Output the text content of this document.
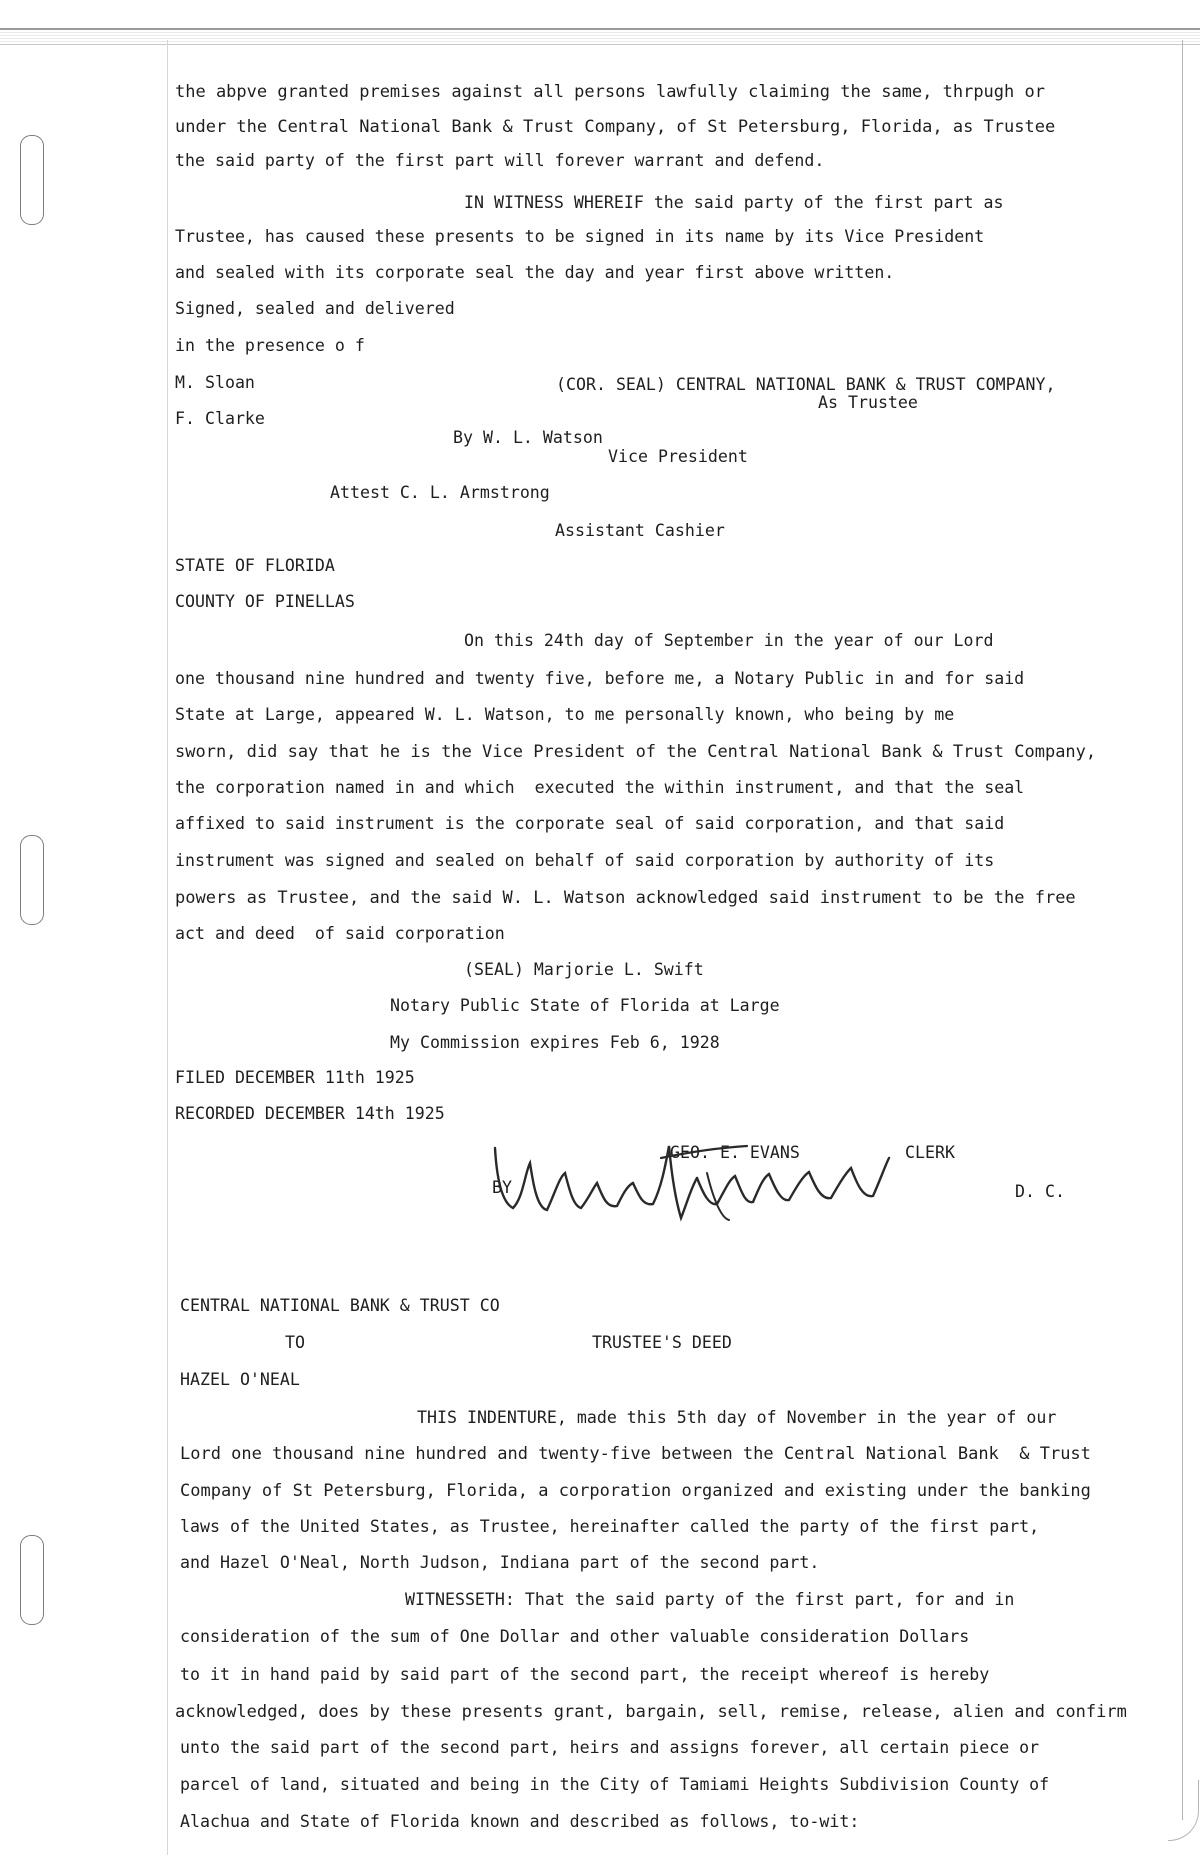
the abpve granted premises against all persons lawfully claiming the same, thrpugh or
under the Central National Bank & Trust Company, of St Petersburg, Florida, as Trustee
the said party of the first part will forever warrant and defend.
IN WITNESS WHEREIF the said party of the first part as
Trustee, has caused these presents to be signed in its name by its Vice President
and sealed with its corporate seal the day and year first above written.
Signed, sealed and delivered
in the presence o f
M. Sloan	(COR. SEAL) CENTRAL NATIONAL BANK & TRUST COMPANY,
As Trustee
F. Clarke
By W. L. Watson
Vice President
Attest C. L. Armstrong
Assistant Cashier
STATE OF FLORIDA
COUNTY OF PINELLAS
On this 24th day of September in the year of our Lord
one thousand nine hundred and twenty five, before me, a Notary Public in and for said
State at Large, appeared W. L. Watson, to me personally known, who being by me
sworn, did say that he is the Vice President of the Central National Bank & Trust Company,
the corporation named in and which  executed the within instrument, and that the seal
affixed to said instrument is the corporate seal of said corporation, and that said
instrument was signed and sealed on behalf of said corporation by authority of its
powers as Trustee, and the said W. L. Watson acknowledged said instrument to be the free
act and deed  of said corporation
(SEAL) Marjorie L. Swift
Notary Public State of Florida at Large
My Commission expires Feb 6, 1928
FILED DECEMBER 11th 1925
RECORDED DECEMBER 14th 1925
GEO. E. EVANS	CLERK
BY	D. C.
CENTRAL NATIONAL BANK & TRUST CO
TO	TRUSTEE'S DEED
HAZEL O'NEAL
THIS INDENTURE, made this 5th day of November in the year of our
Lord one thousand nine hundred and twenty-five between the Central National Bank  & Trust
Company of St Petersburg, Florida, a corporation organized and existing under the banking
laws of the United States, as Trustee, hereinafter called the party of the first part,
and Hazel O'Neal, North Judson, Indiana part of the second part.
WITNESSETH: That the said party of the first part, for and in
consideration of the sum of One Dollar and other valuable consideration Dollars
to it in hand paid by said part of the second part, the receipt whereof is hereby
acknowledged, does by these presents grant, bargain, sell, remise, release, alien and confirm
unto the said part of the second part, heirs and assigns forever, all certain piece or
parcel of land, situated and being in the City of Tamiami Heights Subdivision County of
Alachua and State of Florida known and described as follows, to-wit:
